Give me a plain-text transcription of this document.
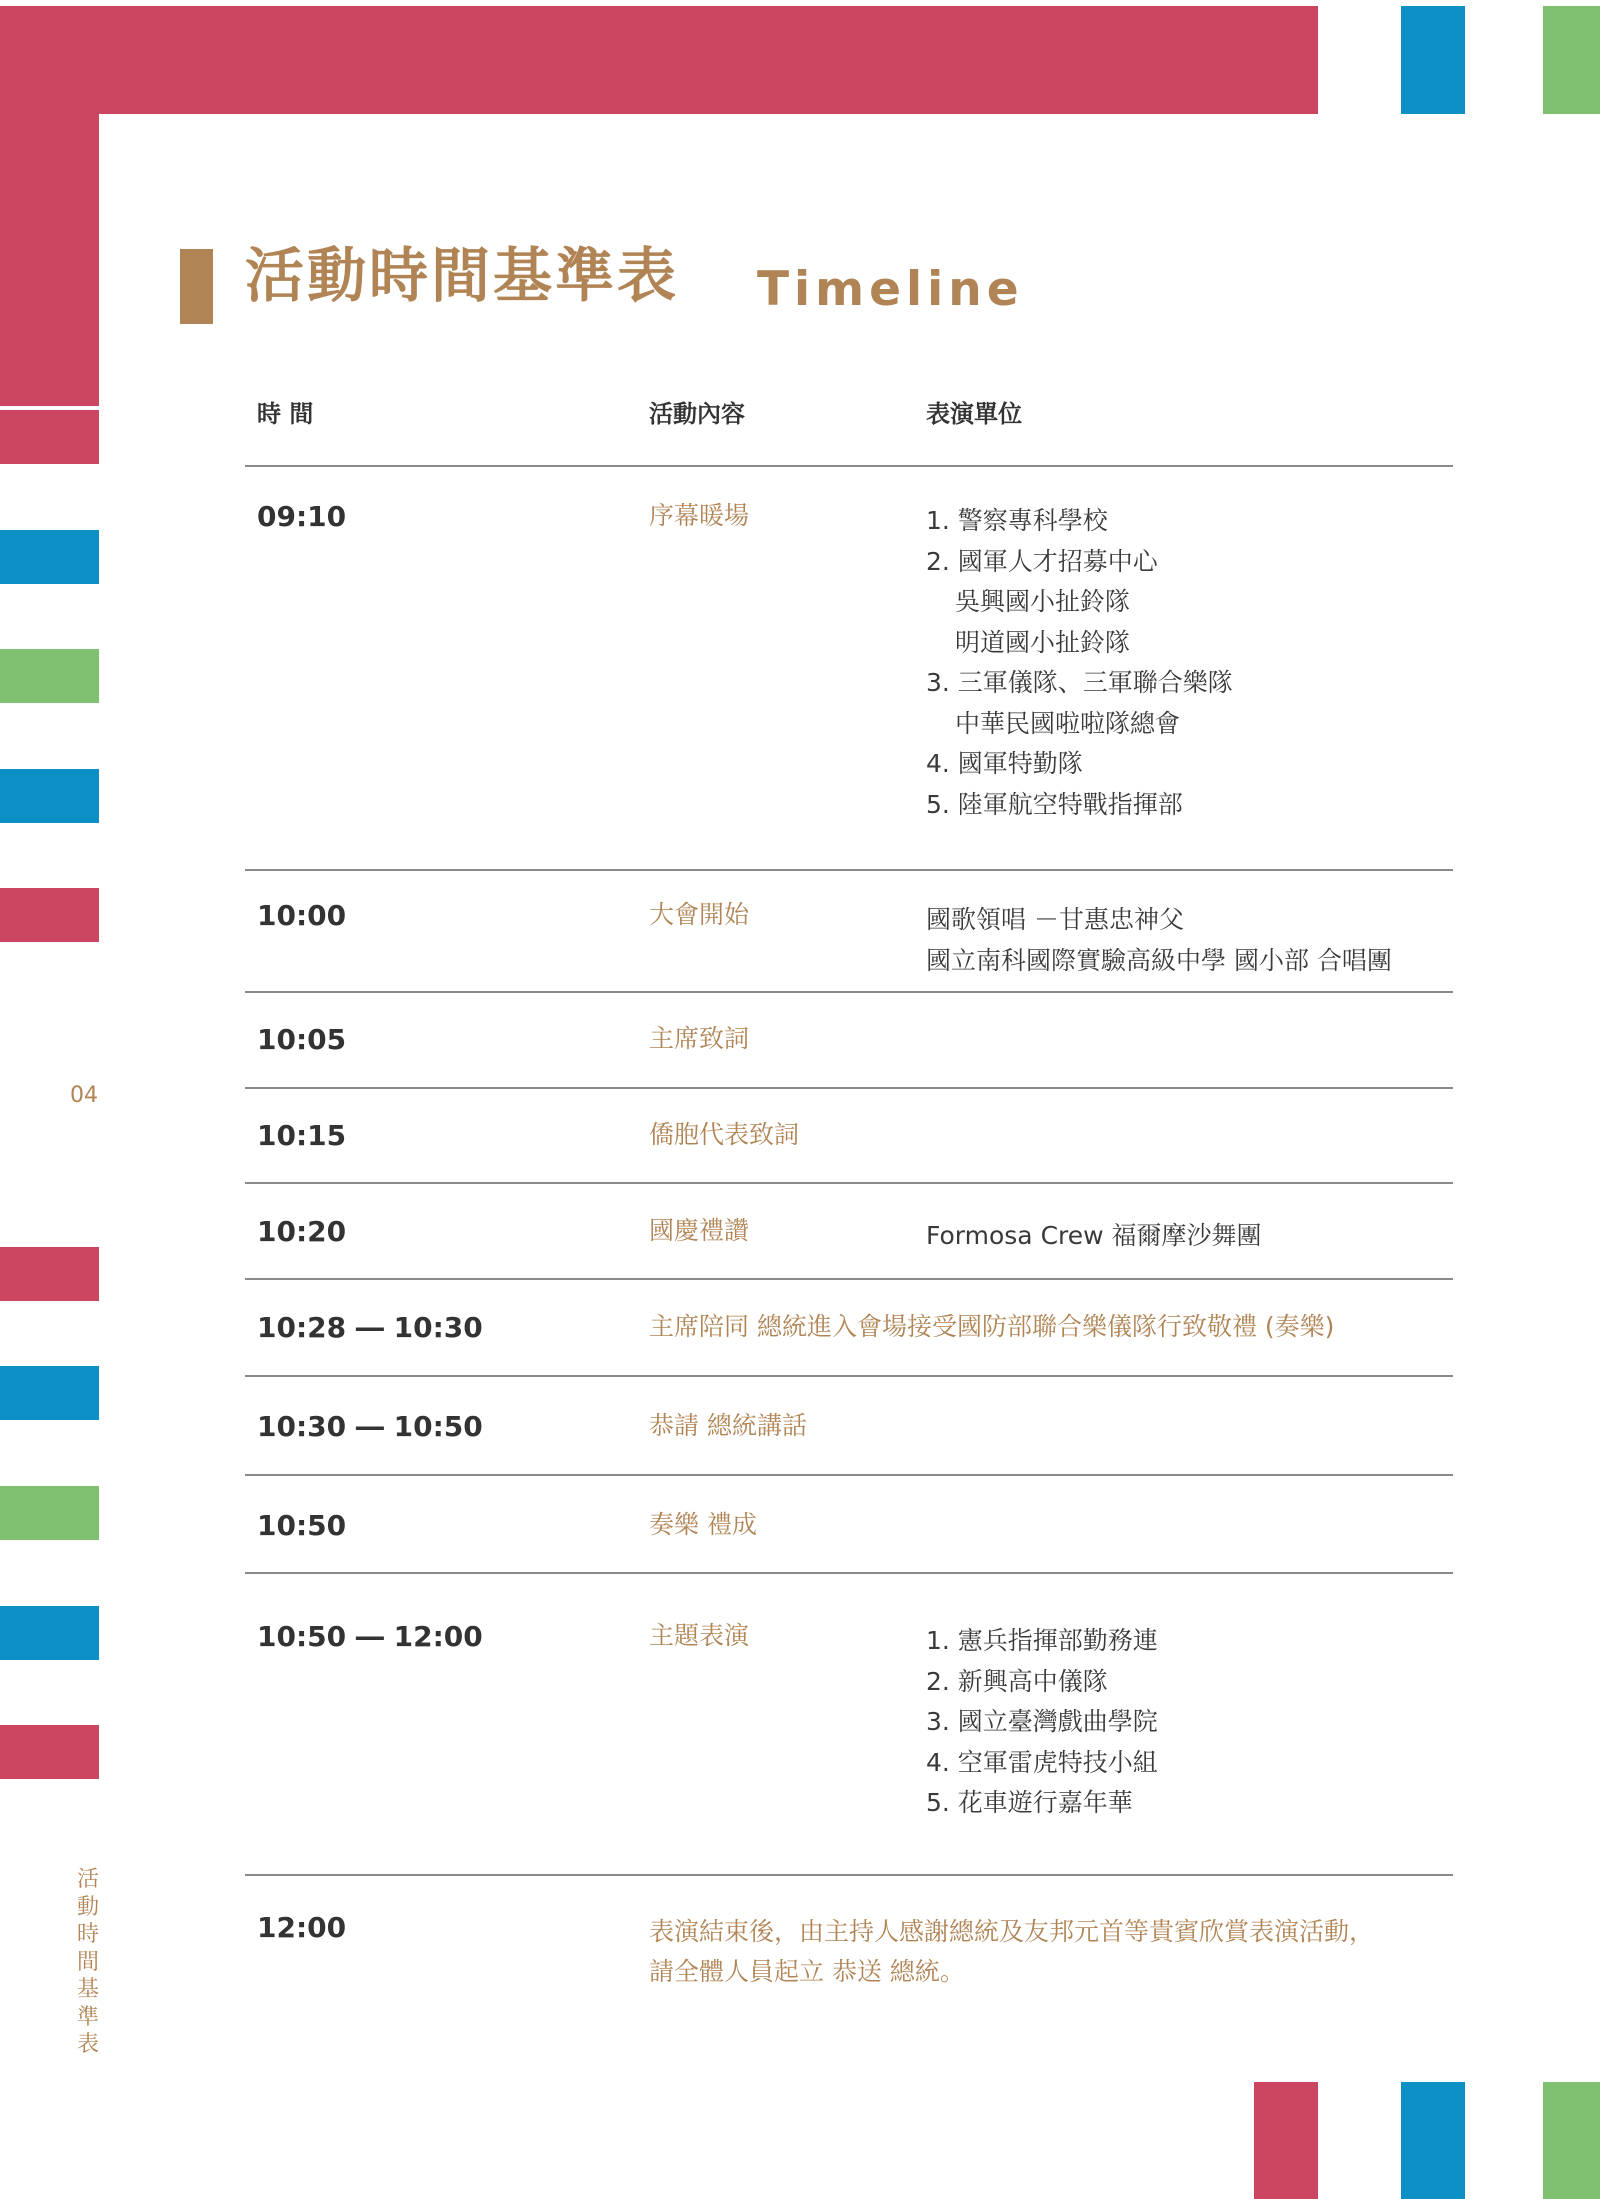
活動時間基準表 Timeline
04
活
動
時
間
基
準
表
時 間	活動內容	表演單位
09:10	序幕暖場	1. 警察專科學校
2. 國軍人才招募中心
吳興國小扯鈴隊
明道國小扯鈴隊
3. 三軍儀隊、三軍聯合樂隊
中華民國啦啦隊總會
4. 國軍特勤隊
5. 陸軍航空特戰指揮部
10:00	大會開始	國歌領唱 －甘惠忠神父
國立南科國際實驗高級中學 國小部 合唱團
10:05	主席致詞
10:15	僑胞代表致詞
10:20	國慶禮讚	Formosa Crew 福爾摩沙舞團
10:28 ― 10:30	主席陪同 總統進入會場接受國防部聯合樂儀隊行致敬禮 (奏樂)
10:30 ― 10:50	恭請 總統講話
10:50	奏樂 禮成
10:50 ― 12:00	主題表演	1. 憲兵指揮部勤務連
2. 新興高中儀隊
3. 國立臺灣戲曲學院
4. 空軍雷虎特技小組
5. 花車遊行嘉年華
12:00	表演結束後，由主持人感謝總統及友邦元首等貴賓欣賞表演活動，
請全體人員起立 恭送 總統。
